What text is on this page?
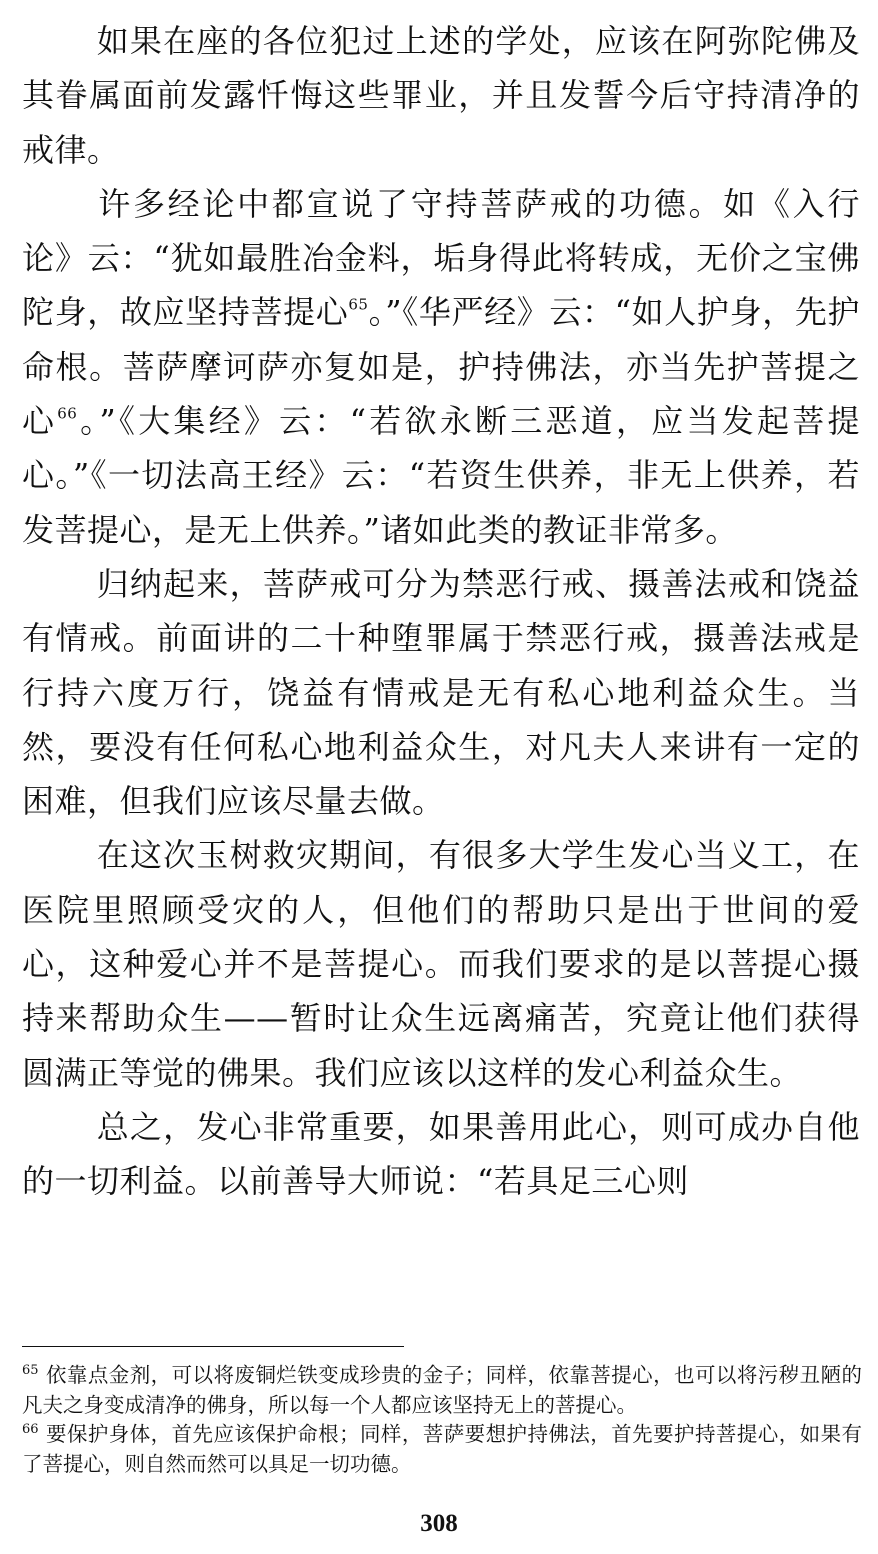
如果在座的各位犯过上述的学处，应该在阿弥陀佛及其眷属面前发露忏悔这些罪业，并且发誓今后守持清净的戒律。

许多经论中都宣说了守持菩萨戒的功德。如《入行论》云：“犹如最胜冶金料，垢身得此将转成，无价之宝佛陀身，故应坚持菩提心$^{65}$。”《华严经》云：“如人护身，先护命根。菩萨摩诃萨亦复如是，护持佛法，亦当先护菩提之心$^{66}$。”《大集经》云：“若欲永断三恶道，应当发起菩提心。”《一切法高王经》云：“若资生供养，非无上供养，若发菩提心，是无上供养。”诸如此类的教证非常多。

归纳起来，菩萨戒可分为禁恶行戒、摄善法戒和饶益有情戒。前面讲的二十种堕罪属于禁恶行戒，摄善法戒是行持六度万行，饶益有情戒是无有私心地利益众生。当然，要没有任何私心地利益众生，对凡夫人来讲有一定的困难，但我们应该尽量去做。

在这次玉树救灾期间，有很多大学生发心当义工，在医院里照顾受灾的人，但他们的帮助只是出于世间的爱心，这种爱心并不是菩提心。而我们要求的是以菩提心摄持来帮助众生——暂时让众生远离痛苦，究竟让他们获得圆满正等觉的佛果。我们应该以这样的发心利益众生。

总之，发心非常重要，如果善用此心，则可成办自他的一切利益。以前善导大师说：“若具足三心则

$^{65}$ 依靠点金剂，可以将废铜烂铁变成珍贵的金子；同样，依靠菩提心，也可以将污秽丑陋的凡夫之身变成清净的佛身，所以每一个人都应该坚持无上的菩提心。

$^{66}$ 要保护身体，首先应该保护命根；同样，菩萨要想护持佛法，首先要护持菩提心，如果有了菩提心，则自然而然可以具足一切功德。

308
